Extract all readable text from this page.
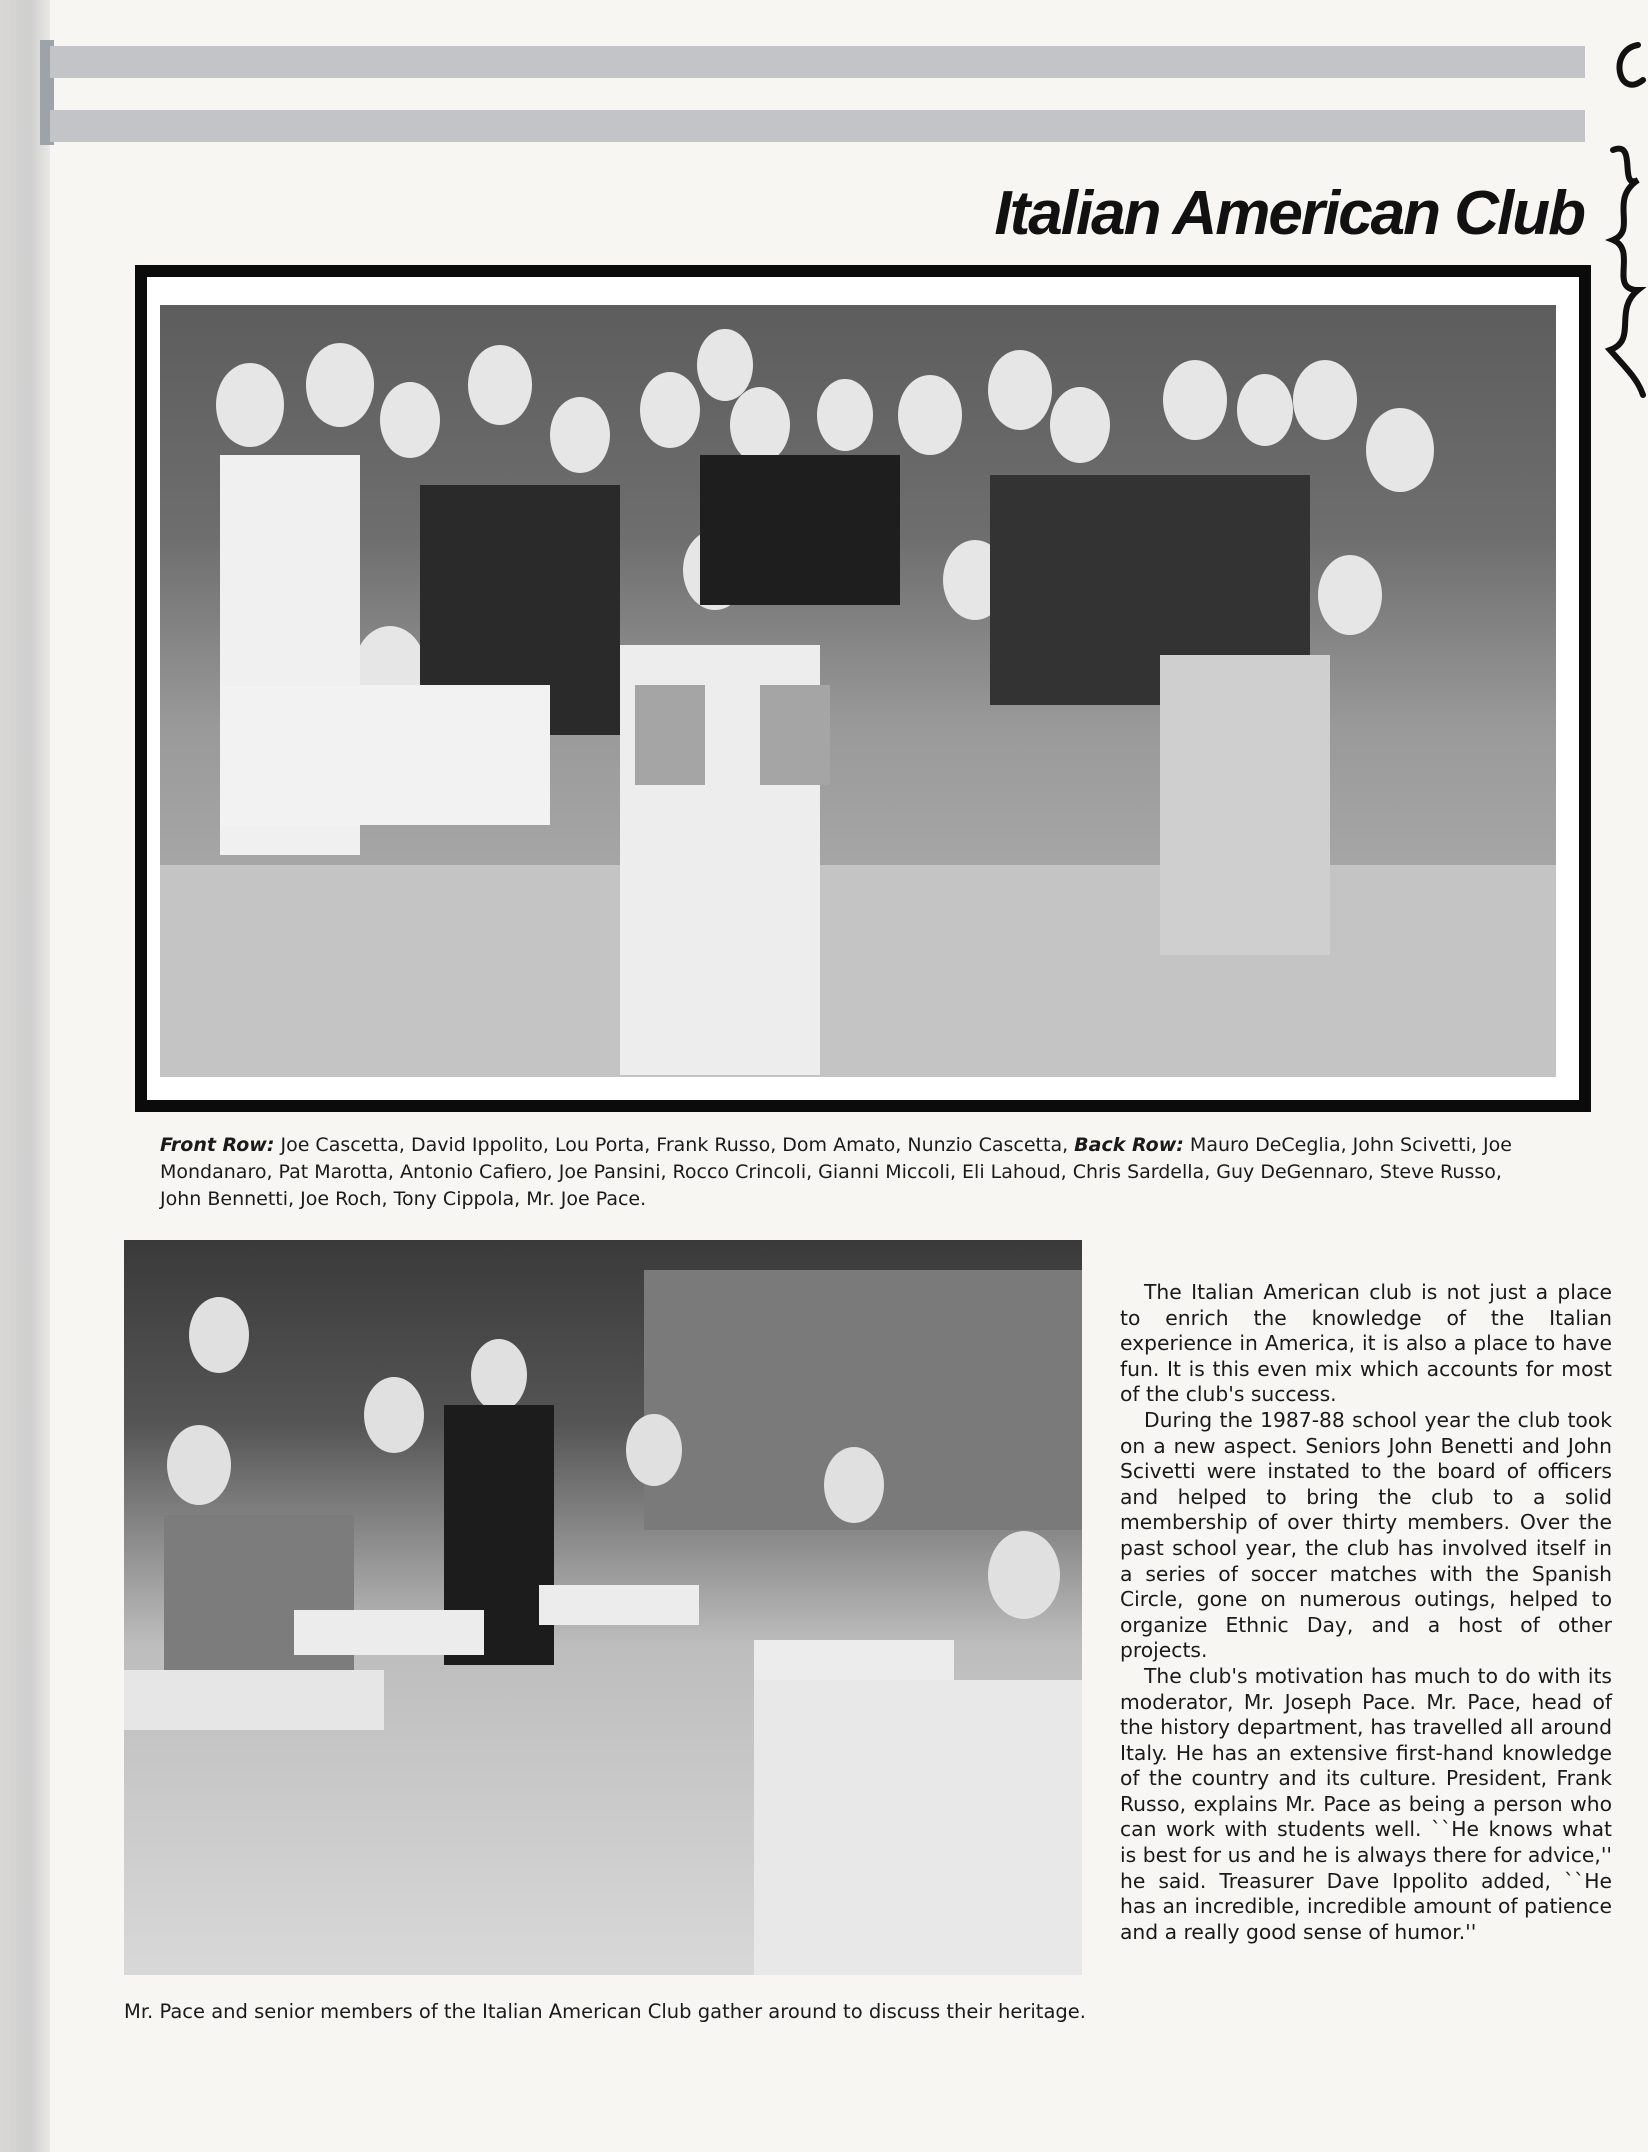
Italian American Club
Front Row: Joe Cascetta, David Ippolito, Lou Porta, Frank Russo, Dom Amato, Nunzio Cascetta, Back Row: Mauro DeCeglia, John Scivetti, Joe Mondanaro, Pat Marotta, Antonio Cafiero, Joe Pansini, Rocco Crincoli, Gianni Miccoli, Eli Lahoud, Chris Sardella, Guy DeGennaro, Steve Russo, John Bennetti, Joe Roch, Tony Cippola, Mr. Joe Pace.

The Italian American club is not just a place to enrich the knowledge of the Italian experience in America, it is also a place to have fun. It is this even mix which accounts for most of the club's success.

During the 1987-88 school year the club took on a new aspect. Seniors John Benetti and John Scivetti were instated to the board of officers and helped to bring the club to a solid membership of over thirty members. Over the past school year, the club has involved itself in a series of soccer matches with the Spanish Circle, gone on numerous outings, helped to organize Ethnic Day, and a host of other projects.

The club's motivation has much to do with its moderator, Mr. Joseph Pace. Mr. Pace, head of the history department, has travelled all around Italy. He has an extensive first-hand knowledge of the country and its culture. President, Frank Russo, explains Mr. Pace as being a person who can work with students well. ``He knows what is best for us and he is always there for advice,'' he said. Treasurer Dave Ippolito added, ``He has an incredible, incredible amount of patience and a really good sense of humor.''

Mr. Pace and senior members of the Italian American Club gather around to discuss their heritage.
